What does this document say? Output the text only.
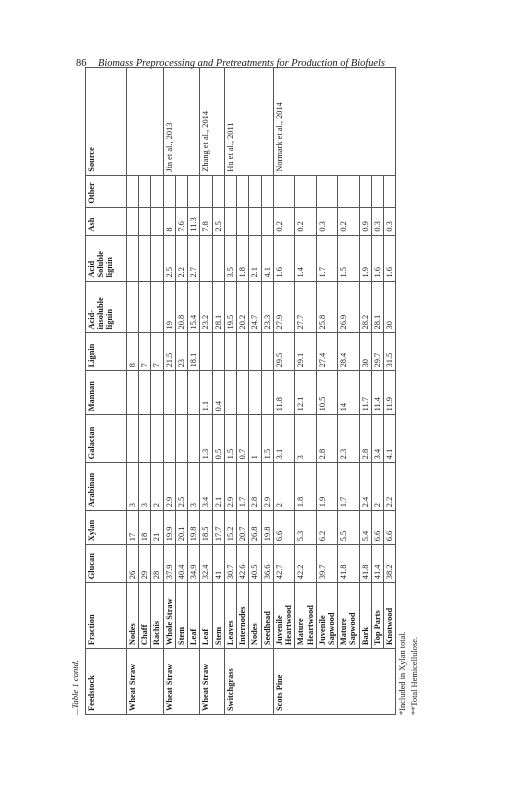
86 Biomass Preprocessing and Pretreatments for Production of Biofuels
...Table 1 contd. Feedstock	Fraction	Glucan	Xylan	Arabinan	Galactan	Mannan	Lignin	Acid-insoluble lignin	Acid Soluble lignin	Ash	Other	Source
Wheat Straw	Nodes	26	17	3			8					
	Chaff	29	18	3			7					
	Rachis	28	21	2			7					
Wheat Straw	Whole Straw	37.9	19.9	2.9			21.5	19	2.5	8		Jin et al., 2013
	Stem	40.4	20.1	2.5			23	20.8	2.2	7.6		
	Leaf	34.9	19.8	3			18.1	15.4	2.7	11.3		
Wheat Straw	Leaf	32.4	18.5	3.4	1.3	1.1		23.2		7.8		Zhang et al., 2014
	Stem	41	17.7	2.1	0.5	0.4		28.1		2.5		
Switchgrass	Leaves	30.7	15.2	2.9	1.5			19.5	3.5			Hu et al., 2011
	Internodes	42.6	20.7	1.7	0.7			20.2	1.8			
	Nodes	40.5	26.8	2.8	1			24.7	2.1			
	Seedhead	36.6	19.8	2.9	1.5			23.3	4.1			
Scots Pine	Juvenile Heartwood	42.7	6.6	2	3.1	11.8	29.5	27.9	1.6	0.2		Normark et al., 2014
	Mature Heartwood	42.2	5.3	1.8	3	12.1	29.1	27.7	1.4	0.2		
	Juvenile Sapwood	39.7	6.2	1.9	2.8	10.5	27.4	25.8	1.7	0.3		
	Mature Sapwood	41.8	5.5	1.7	2.3	14	28.4	26.9	1.5	0.2		
	Bark	41.8	5.4	2.4	2.8	11.7	30	28.2	1.9	0.9		
	Top Parts	41.4	6.6	2	3.4	11.4	29.7	28.1	1.6	0.3		
	Knotwood	38.2	6.6	2.2	4.1	11.9	31.5	30	1.6	0.3		
*Included in Xylan total. **Total Hemicellulose.
